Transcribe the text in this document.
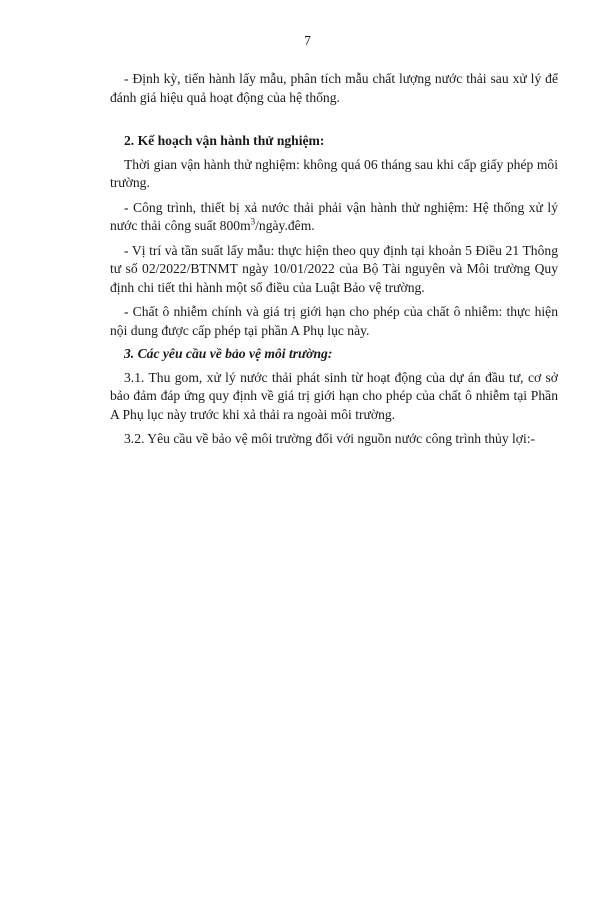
7

- Định kỳ, tiến hành lấy mẫu, phân tích mẫu chất lượng nước thải sau xử lý để đánh giá hiệu quả hoạt động của hệ thống.

2. Kế hoạch vận hành thử nghiệm:

Thời gian vận hành thử nghiệm: không quá 06 tháng sau khi cấp giấy phép môi trường.

- Công trình, thiết bị xả nước thải phải vận hành thử nghiệm: Hệ thống xử lý nước thải công suất $800m^3/ngày.đêm$.

- Vị trí và tần suất lấy mẫu: thực hiện theo quy định tại khoản 5 Điều 21 Thông tư số 02/2022/BTNMT ngày 10/01/2022 của Bộ Tài nguyên và Môi trường Quy định chi tiết thi hành một số điều của Luật Bảo vệ trường.

- Chất ô nhiễm chính và giá trị giới hạn cho phép của chất ô nhiễm: thực hiện nội dung được cấp phép tại phần A Phụ lục này.

3. Các yêu cầu về bảo vệ môi trường:

3.1. Thu gom, xử lý nước thải phát sinh từ hoạt động của dự án đầu tư, cơ sở bảo đảm đáp ứng quy định về giá trị giới hạn cho phép của chất ô nhiễm tại Phần A Phụ lục này trước khi xả thải ra ngoài môi trường.

3.2. Yêu cầu về bảo vệ môi trường đối với nguồn nước công trình thủy lợi:-
